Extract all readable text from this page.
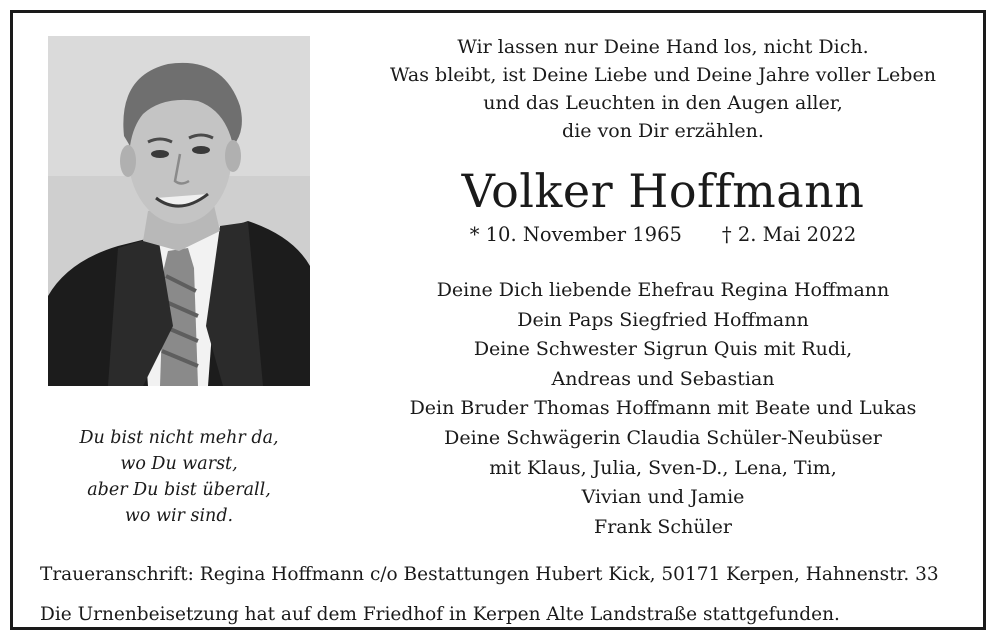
Du bist nicht mehr da,
wo Du warst,
aber Du bist überall,
wo wir sind.
Wir lassen nur Deine Hand los, nicht Dich.
Was bleibt, ist Deine Liebe und Deine Jahre voller Leben
und das Leuchten in den Augen aller,
die von Dir erzählen.
Volker Hoffmann
* 10. November 1965 † 2. Mai 2022
Deine Dich liebende Ehefrau Regina Hoffmann
Dein Paps Siegfried Hoffmann
Deine Schwester Sigrun Quis mit Rudi,
Andreas und Sebastian
Dein Bruder Thomas Hoffmann mit Beate und Lukas
Deine Schwägerin Claudia Schüler-Neubüser
mit Klaus, Julia, Sven-D., Lena, Tim,
Vivian und Jamie
Frank Schüler
Traueranschrift: Regina Hoffmann c/o Bestattungen Hubert Kick, 50171 Kerpen, Hahnenstr. 33
Die Urnenbeisetzung hat auf dem Friedhof in Kerpen Alte Landstraße stattgefunden.
